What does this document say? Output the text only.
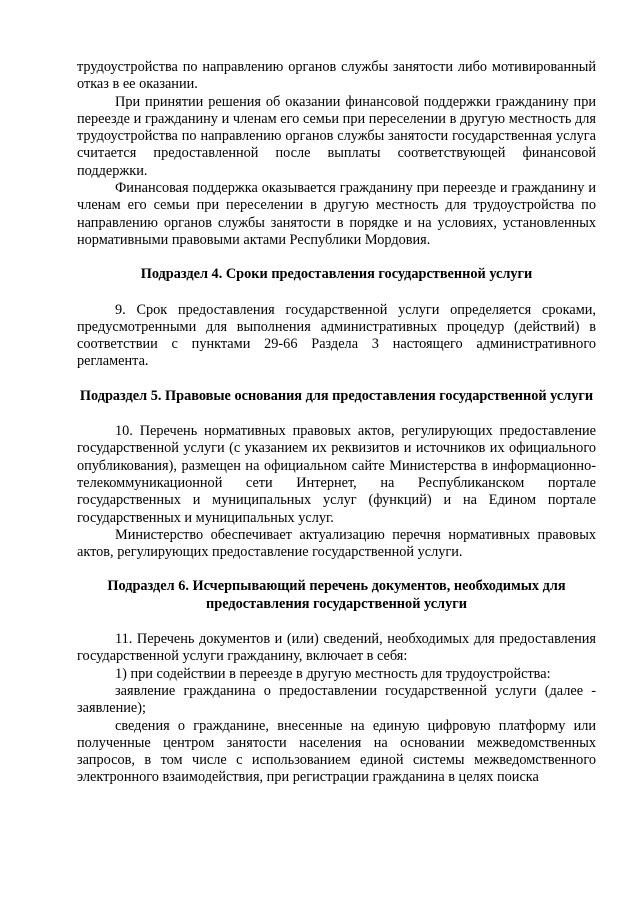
трудоустройства по направлению органов службы занятости либо мотивированный отказ в ее оказании.

При принятии решения об оказании финансовой поддержки гражданину при переезде и гражданину и членам его семьи при переселении в другую местность для трудоустройства по направлению органов службы занятости государственная услуга считается предоставленной после выплаты соответствующей финансовой поддержки.

Финансовая поддержка оказывается гражданину при переезде и гражданину и членам его семьи при переселении в другую местность для трудоустройства по направлению органов службы занятости в порядке и на условиях, установленных нормативными правовыми актами Республики Мордовия.

Подраздел 4. Сроки предоставления государственной услуги

9. Срок предоставления государственной услуги определяется сроками, предусмотренными для выполнения административных процедур (действий) в соответствии с пунктами 29-66 Раздела 3 настоящего административного регламента.

Подраздел 5. Правовые основания для предоставления государственной услуги

10. Перечень нормативных правовых актов, регулирующих предоставление государственной услуги (с указанием их реквизитов и источников их официального опубликования), размещен на официальном сайте Министерства в информационно-телекоммуникационной сети Интернет, на Республиканском портале государственных и муниципальных услуг (функций) и на Едином портале государственных и муниципальных услуг.

Министерство обеспечивает актуализацию перечня нормативных правовых актов, регулирующих предоставление государственной услуги.

Подраздел 6. Исчерпывающий перечень документов, необходимых для предоставления государственной услуги

11. Перечень документов и (или) сведений, необходимых для предоставления государственной услуги гражданину, включает в себя:

1) при содействии в переезде в другую местность для трудоустройства:

заявление гражданина о предоставлении государственной услуги (далее - заявление);

сведения о гражданине, внесенные на единую цифровую платформу или полученные центром занятости населения на основании межведомственных запросов, в том числе с использованием единой системы межведомственного электронного взаимодействия, при регистрации гражданина в целях поиска
